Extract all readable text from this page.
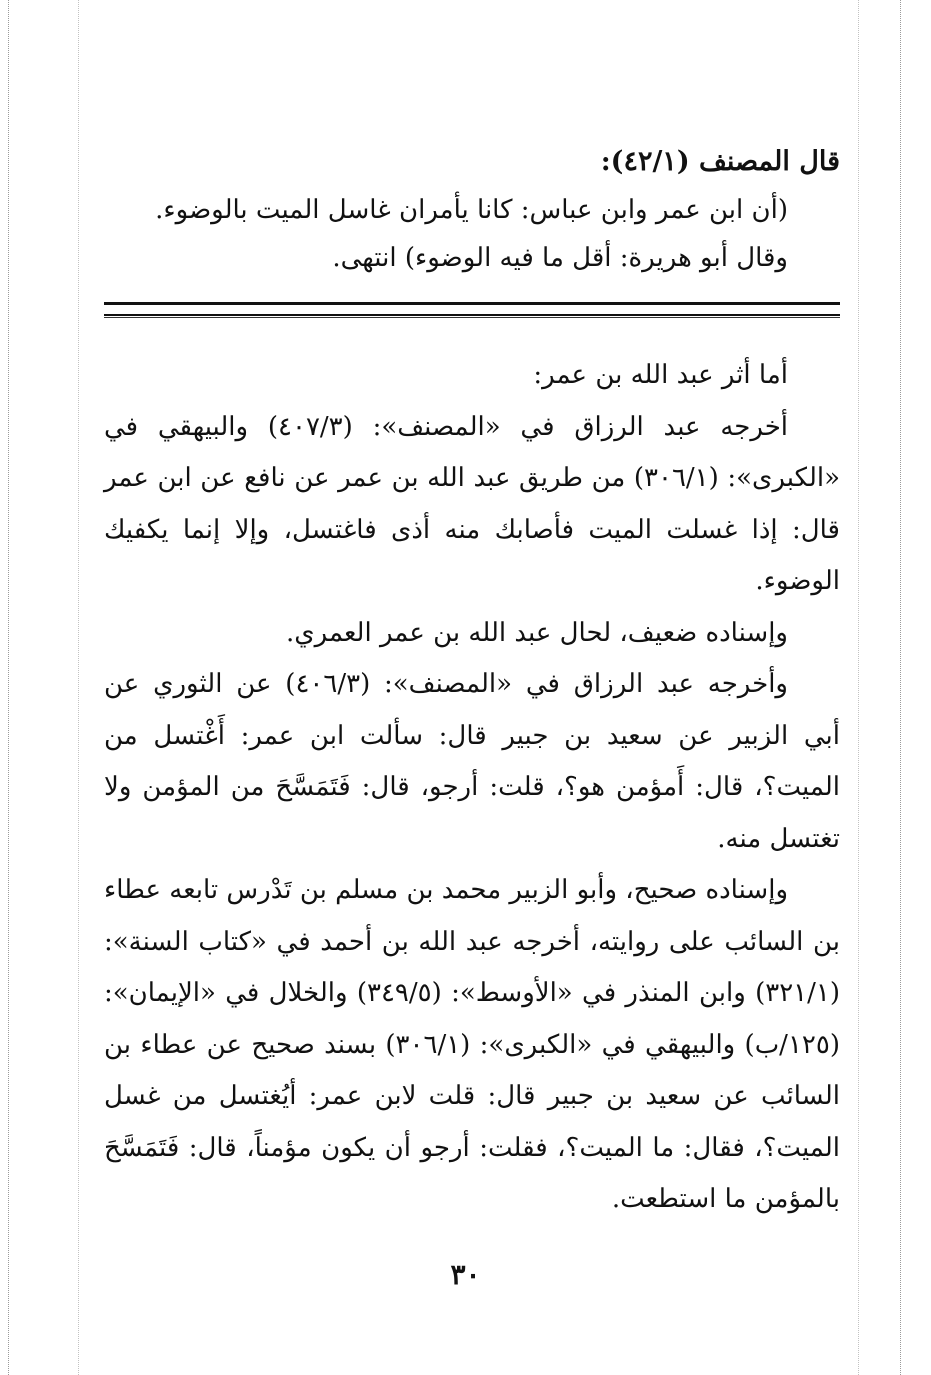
قال المصنف (٤٢/١):
(أن ابن عمر وابن عباس: كانا يأمران غاسل الميت بالوضوء.
وقال أبو هريرة: أقل ما فيه الوضوء) انتهى.

أما أثر عبد الله بن عمر:

أخرجه عبد الرزاق في «المصنف»: (٤٠٧/٣) والبيهقي في «الكبرى»: (٣٠٦/١) من طريق عبد الله بن عمر عن نافع عن ابن عمر قال: إذا غسلت الميت فأصابك منه أذى فاغتسل، وإلا إنما يكفيك الوضوء.

وإسناده ضعيف، لحال عبد الله بن عمر العمري.

وأخرجه عبد الرزاق في «المصنف»: (٤٠٦/٣) عن الثوري عن أبي الزبير عن سعيد بن جبير قال: سألت ابن عمر: أَغْتسل من الميت؟، قال: أَمؤمن هو؟، قلت: أرجو، قال: فَتَمَسَّحَ من المؤمن ولا تغتسل منه.

وإسناده صحيح، وأبو الزبير محمد بن مسلم بن تَدْرس تابعه عطاء بن السائب على روايته، أخرجه عبد الله بن أحمد في «كتاب السنة»: (٣٢١/١) وابن المنذر في «الأوسط»: (٣٤٩/٥) والخلال في «الإيمان»: (١٢٥/ب) والبيهقي في «الكبرى»: (٣٠٦/١) بسند صحيح عن عطاء بن السائب عن سعيد بن جبير قال: قلت لابن عمر: أيُغتسل من غسل الميت؟، فقال: ما الميت؟، فقلت: أرجو أن يكون مؤمناً، قال: فَتَمَسَّحَ بالمؤمن ما استطعت.

٣٠
